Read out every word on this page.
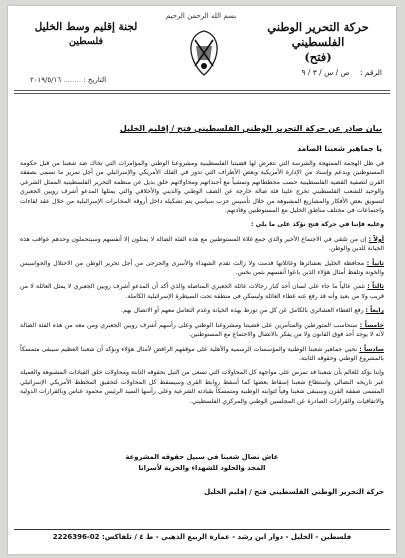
بسم الله الرحمن الرحيم
حركة التحرير الوطني الفلسطيني
(فتح)
لجنة إقليم وسط الخليل
فلسطين
الرقم : ص / س / ٣ / ٩
التاريخ : ........ ٢٠١٩/٥/١٦
بيان صادر عن حركة التحرير الوطني الفلسطيني فتح / إقليم الخليل
يا جماهير شعبنا الصامد

في ظل الهجمة الممنهجة والشرسة التي تتعرض لها قضيتنا الفلسطينية ومشروعنا الوطني والمؤامرات التي تحاك ضد شعبنا من قبل حكومة المستوطنين وبدعم وإسناد من الإدارة الأمريكية وبعض الأطراف التي تدور في الفلك الأمريكي والإسرائيلي من أجل تمرير ما تسمى بصفقة القرن لتصفية القضية الفلسطينية حسب مخططاتهم وتمشياً مع أجنداتهم ومحاولاتهم خلق بديل عن منظمة التحرير الفلسطينية الممثل الشرعي والوحيد للشعب الفلسطيني تخرج علينا فئة ضالة خارجة عن الصف الوطني والديني والأخلاقي والتي يمثلها المدعو أشرف رويين الجعبري لتسويق بعض الأفكار والمشاريع المشبوهة من خلال تأسيس حزب سياسي يتم تشكيله داخل أروقة المخابرات الإسرائيلية من خلال عقد لقاءات واجتماعات في مختلف مناطق الخليل مع المستوطنين وقادتهم.

وعليه فإننا في حركة فتح نؤكد على ما يلي :

أولاً : إن من تلتقي في الاجتماع الأخير والذي جمع غلاة المستوطنين مع هذه الفئة الضالة لا يمثلون إلا أنفسهم وسيتحملون وحدهم عواقب هذه الخيانة للدين والوطن.

ثانياً : محافظة الخليل بعشائرها وعائلاتها قدمت ولا زالت تقدم الشهداء والأسرى والجرحى من أجل تحرير الوطن من الاحتلال والجواسيس والخونة وتلفظ أمثال هؤلاء الذين باعوا أنفسهم بثمن بخس.

ثالثاً : تثمن عالياً ما جاء على لسان أحد كبار رجالات عائلة الجعبري المناضلة والذي أكد أن المدعو أشرف رويين الجعبري لا يمثل العائلة لا من قريب ولا من بعيد وأنه قد رفع عنه غطاء العائلة وليسكن في منطقة تحت السيطرة الإسرائيلية الكاملة.

رابعاً : رفع الغطاء العشائري بالكامل عن كل من تورط بهذه الخيانة وعدم التعامل معهم أو الاتصال بهم.

خامساً : سنحاسب المتورطين والمتآمرين على قضيتنا ومشروعنا الوطني وعلى رأسهم أشرف رويين الجعبري ومن معه من هذه الفئة الضالة لأنه لا يوجد أحد فوق القانون ولا من يفكر بالاتصال والاجتماع مع المستوطنين.

سادساً : نحيي جماهير شعبنا الوطنية والمؤسسات الرسمية والأهلية على موقفهم الرافض لأمثال هؤلاء ونؤكد أن شعبنا العظيم سيبقى متمسكاً بالمشروع الوطني وحقوقه الثابتة.

وإننا نؤكد للعالم بأن شعبنا قد تمرس على مواجهة كل المحاولات التي تسعى من النيل بحقوقه الثابتة ومحاولات خلق القيادات المشبوهة والعميلة عبر تاريخه النضالي واستطاع شعبنا إسقاط بعضها كما أسقط روابط القرى وسيسقط كل المحاولات لتحقيق المخطط الأمريكي الإسرائيلي المسمى صفقة القرن وسيبقى شعبنا وفياً لثوابته الوطنية ومتمسكاً بقيادته الشرعية وعلى رأسها السيد الرئيس محمود عباس وبالقرارات الدولية والاتفاقيات والقرارات الصادرة عن المجلسين الوطني والمركزي الفلسطيني.

عاش نضال شعبنا في سبيل حقوقه المشروعة
المجد والخلود للشهداء والحرية لأسرانا
حركة التحرير الوطني الفلسطيني فتح / إقليم الخليل
فلسطين - الخليل - دوار ابن رشد - عمارة الربيع الذهبي - ط ٤ / تلفاكس: 02-2226396
